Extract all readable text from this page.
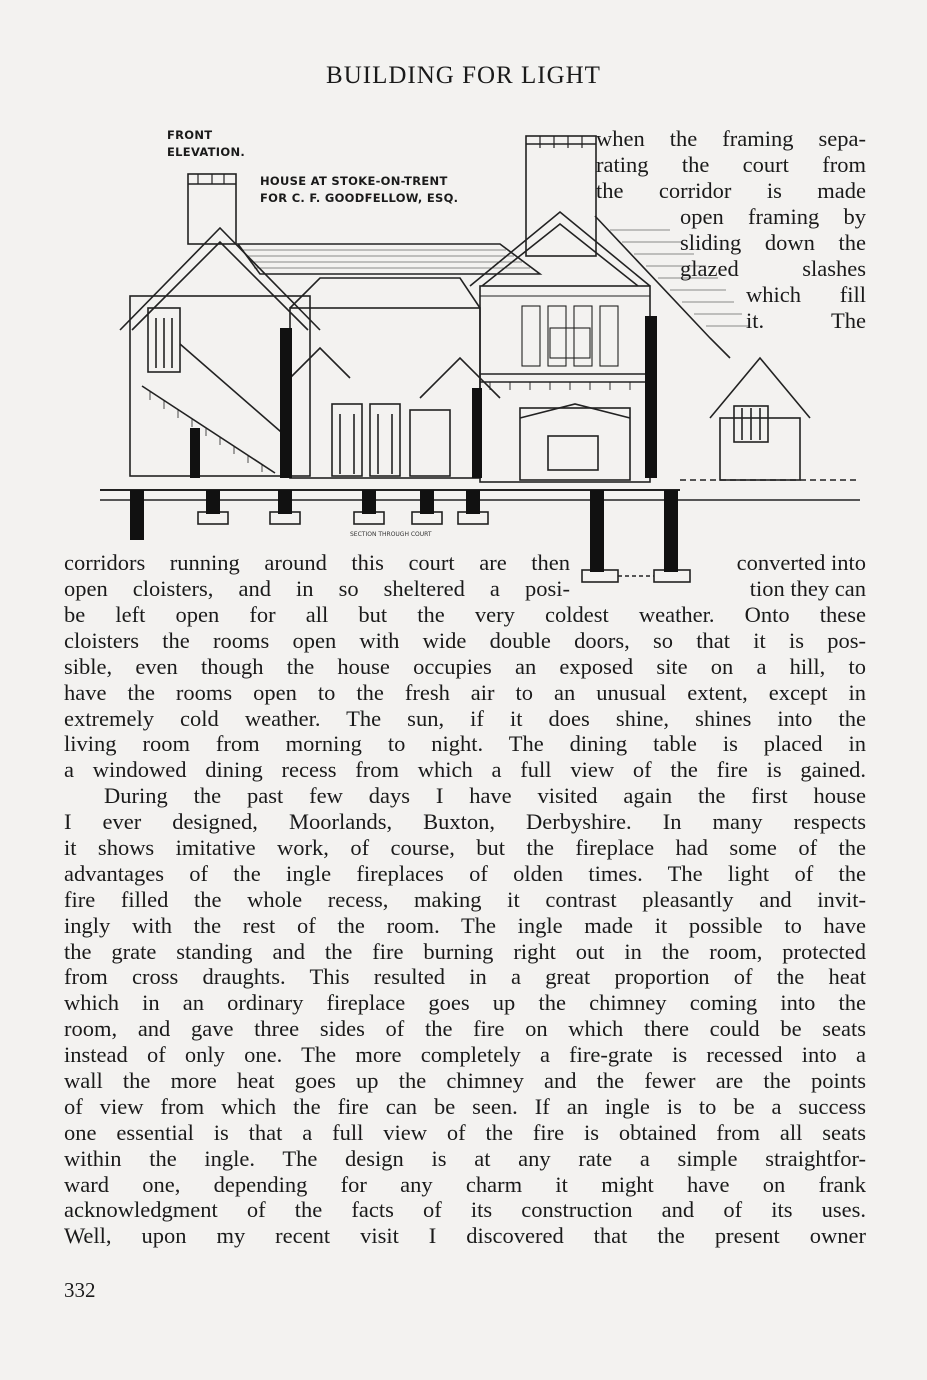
BUILDING FOR LIGHT
FRONT
ELEVATION.
HOUSE AT STOKE-ON-TRENT
FOR C. F. GOODFELLOW, ESQ.
SECTION THROUGH COURT
when the framing sepa-
rating the court from
the corridor is made
open framing by
sliding down the
glazed slashes
which fill
it. The
corridors running around this court are then
open cloisters, and in so sheltered a posi-
converted into
tion they can
be left open for all but the very coldest weather. Onto these
cloisters the rooms open with wide double doors, so that it is pos-
sible, even though the house occupies an exposed site on a hill, to
have the rooms open to the fresh air to an unusual extent, except in
extremely cold weather. The sun, if it does shine, shines into the
living room from morning to night. The dining table is placed in
a windowed dining recess from which a full view of the fire is gained.
During the past few days I have visited again the first house
I ever designed, Moorlands, Buxton, Derbyshire. In many respects
it shows imitative work, of course, but the fireplace had some of the
advantages of the ingle fireplaces of olden times. The light of the
fire filled the whole recess, making it contrast pleasantly and invit-
ingly with the rest of the room. The ingle made it possible to have
the grate standing and the fire burning right out in the room, protected
from cross draughts. This resulted in a great proportion of the heat
which in an ordinary fireplace goes up the chimney coming into the
room, and gave three sides of the fire on which there could be seats
instead of only one. The more completely a fire-grate is recessed into a
wall the more heat goes up the chimney and the fewer are the points
of view from which the fire can be seen. If an ingle is to be a success
one essential is that a full view of the fire is obtained from all seats
within the ingle. The design is at any rate a simple straightfor-
ward one, depending for any charm it might have on frank
acknowledgment of the facts of its construction and of its uses.
Well, upon my recent visit I discovered that the present owner
332
